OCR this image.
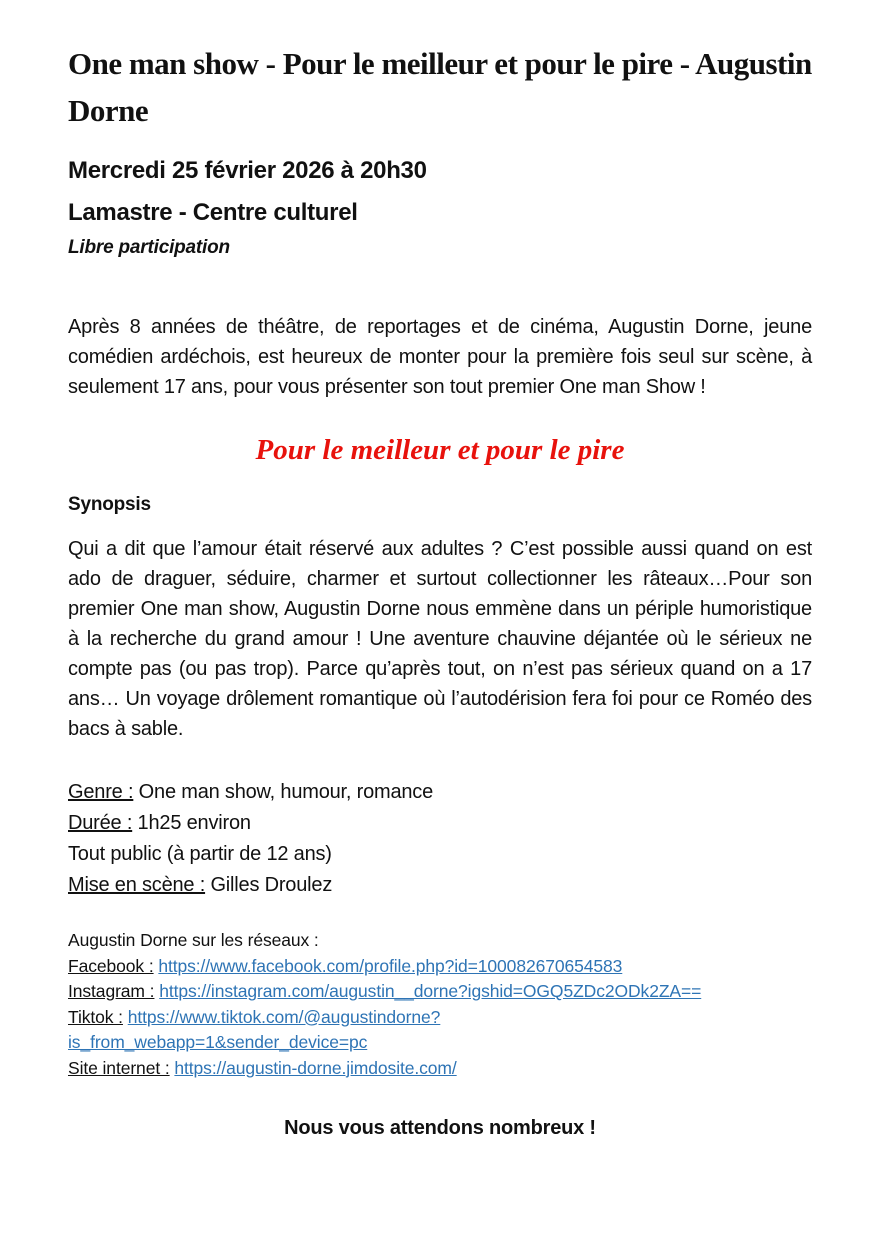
One man show - Pour le meilleur et pour le pire - Augustin Dorne

Mercredi 25 février 2026 à 20h30

Lamastre - Centre culturel

Libre participation

Après 8 années de théâtre, de reportages et de cinéma, Augustin Dorne, jeune comédien ardéchois, est heureux de monter pour la première fois seul sur scène, à seulement 17 ans, pour vous présenter son tout premier One man Show !

Pour le meilleur et pour le pire
Synopsis

Qui a dit que l’amour était réservé aux adultes ? C’est possible aussi quand on est ado de draguer, séduire, charmer et surtout collectionner les râteaux…Pour son premier One man show, Augustin Dorne nous emmène dans un périple humoristique à la recherche du grand amour ! Une aventure chauvine déjantée où le sérieux ne compte pas (ou pas trop). Parce qu’après tout, on n’est pas sérieux quand on a 17 ans… Un voyage drôlement romantique où l’autodérision fera foi pour ce Roméo des bacs à sable.

Genre : One man show, humour, romance

Durée : 1h25 environ

Tout public (à partir de 12 ans)

Mise en scène : Gilles Droulez

Augustin Dorne sur les réseaux :

Facebook : https://www.facebook.com/profile.php?id=100082670654583

Instagram : https://instagram.com/augustin__dorne?igshid=OGQ5ZDc2ODk2ZA==

Tiktok : https://www.tiktok.com/@augustindorne?
is_from_webapp=1&sender_device=pc

Site internet : https://augustin-dorne.jimdosite.com/

Nous vous attendons nombreux !
